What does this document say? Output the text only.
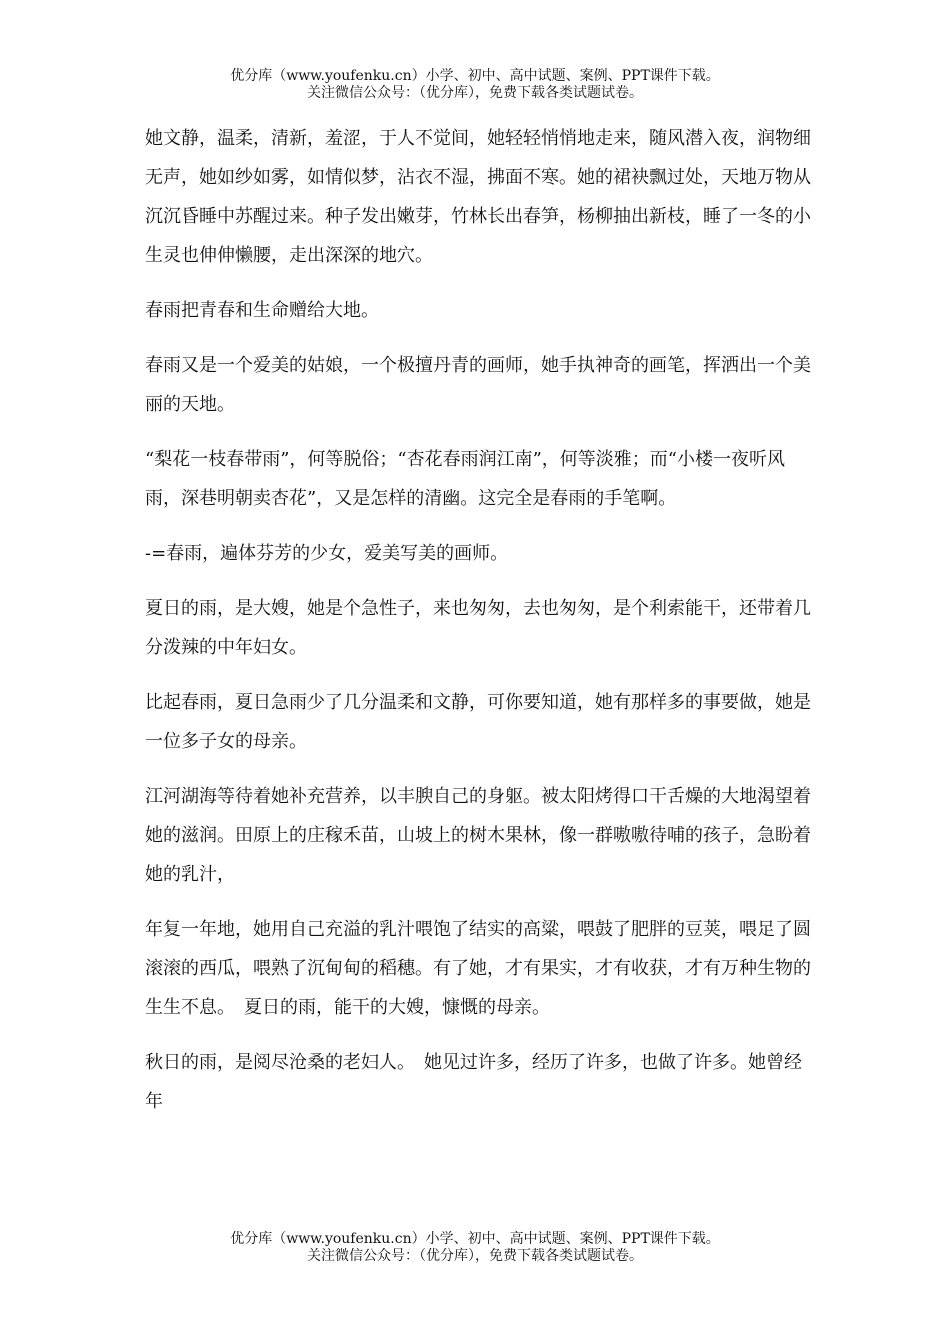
优分库（www.youfenku.cn）小学、初中、高中试题、案例、PPT课件下载。
关注微信公众号：（优分库），免费下载各类试题试卷。

她文静，温柔，清新，羞涩，于人不觉间，她轻轻悄悄地走来，随风潜入夜，润物细无声，她如纱如雾，如情似梦，沾衣不湿，拂面不寒。她的裙袂飘过处，天地万物从沉沉昏睡中苏醒过来。种子发出嫩芽，竹林长出春笋，杨柳抽出新枝，睡了一冬的小生灵也伸伸懒腰，走出深深的地穴。

春雨把青春和生命赠给大地。

春雨又是一个爱美的姑娘，一个极擅丹青的画师，她手执神奇的画笔，挥洒出一个美丽的天地。

“梨花一枝春带雨”，何等脱俗；“杏花春雨润江南”，何等淡雅；而“小楼一夜听风雨，深巷明朝卖杏花”，又是怎样的清幽。这完全是春雨的手笔啊。

-=春雨，遍体芬芳的少女，爱美写美的画师。

夏日的雨，是大嫂，她是个急性子，来也匆匆，去也匆匆，是个利索能干，还带着几分泼辣的中年妇女。

比起春雨，夏日急雨少了几分温柔和文静，可你要知道，她有那样多的事要做，她是一位多子女的母亲。

江河湖海等待着她补充营养，以丰腴自己的身躯。被太阳烤得口干舌燥的大地渴望着她的滋润。田原上的庄稼禾苗，山坡上的树木果林，像一群嗷嗷待哺的孩子，急盼着她的乳汁，

年复一年地，她用自己充溢的乳汁喂饱了结实的高粱，喂鼓了肥胖的豆荚，喂足了圆滚滚的西瓜，喂熟了沉甸甸的稻穗。有了她，才有果实，才有收获，才有万种生物的生生不息。　夏日的雨，能干的大嫂，慷慨的母亲。

秋日的雨，是阅尽沧桑的老妇人。　她见过许多，经历了许多，也做了许多。她曾经年

优分库（www.youfenku.cn）小学、初中、高中试题、案例、PPT课件下载。
关注微信公众号：（优分库），免费下载各类试题试卷。
